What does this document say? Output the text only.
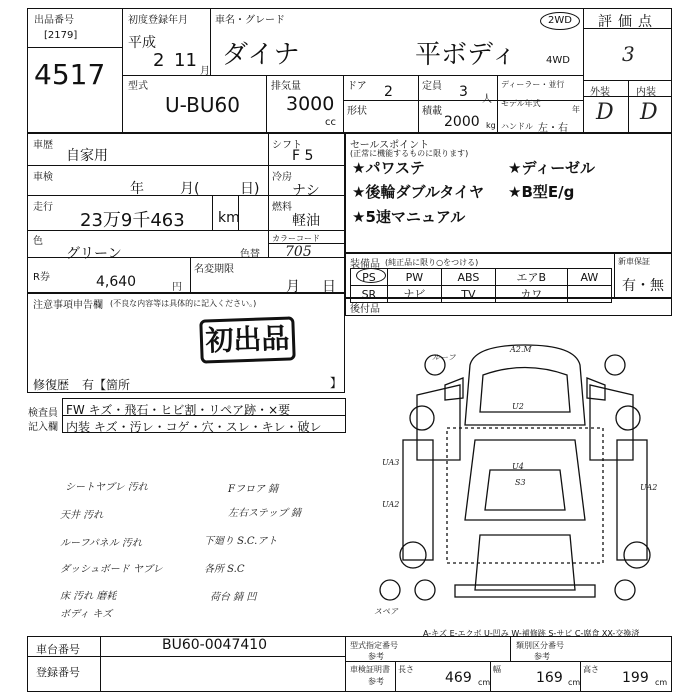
出品番号
[2179]
4517
初度登録年月
平成
2 11
月
車名・グレード
ダイナ	平ボディ
2WD
4WD
評価点
3
外装	内装
D D
型式
U-BU60
排気量
3000
cc
ドア 2	定員 3 人
ディーラー・並行
形状	積載
2000 kg
モデル年式
年
ハンドル 左・右
車歴
自家用
シフト
F 5
車検
年	月(	日)
冷房
ナシ
走行
23万9千463 km
燃料
軽油
色
グリーン	色替
カラーコード
705
R券	4,640	円
名変期限
月 日
セールスポイント
(正常に機能するものに限ります)
★パワステ	★ディーゼル
★後輪ダブルタイヤ ★B型E/g
★5速マニュアル
装備品 (純正品に限り○をつける)
PS	PW	ABS	エアB	AW
SR	ナビ	TV	カワ	
新車保証
有・無
後付品
注意事項申告欄 (不良な内容等は具体的に記入ください。)
初出品
修復歴 有【箇所	】
検査員
記入欄
FW キズ・飛石・ヒビ割・リペア跡・×要
内装 キズ・汚レ・コゲ・穴・スレ・キレ・破レ
シートヤブレ 汚れ
天井 汚れ
ルーフパネル 汚れ
ダッシュボード ヤブレ
床 汚れ 磨耗
ボディ キズ
Fフロア 錆
左右ステップ 錆
下廻り S.C.アト
各所 S.C
荷台 錆 凹
ルーフ
A2.M
U2
U4
S3
UA3
UA2
UA2
スペア
A-キズ E-エクボ U-凹み W-補修跡 S-サビ C-腐食 XX-交換済
車台番号	BU60-0047410
登録番号
型式指定番号
参考
類別区分番号
参考
車検証明書
参考
長さ
469 cm
幅
169 cm
高さ
199 cm
